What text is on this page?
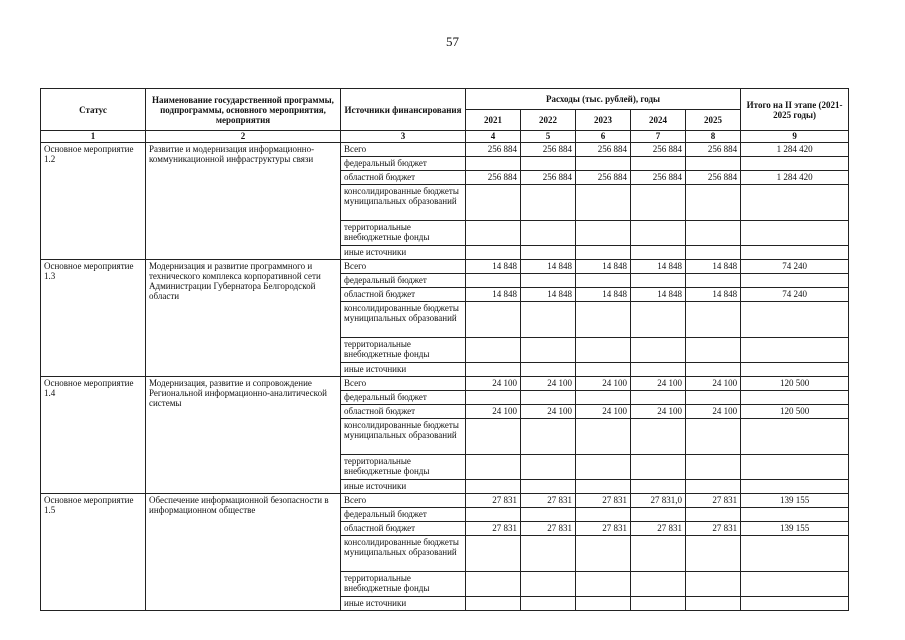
57
Статус	Наименование государственной программы, подпрограммы, основного мероприятия, мероприятия	Источники финансирования	Расходы (тыс. рублей), годы					Итого на II этапе (2021-2025 годы)
			2021	2022	2023	2024	2025	
1	2	3	4	5	6	7	8	9
Основное мероприятие 1.2	Развитие и модернизация информационно-коммуникационной инфраструктуры связи	Всего	256 884	256 884	256 884	256 884	256 884	1 284 420
		федеральный бюджет						
		областной бюджет	256 884	256 884	256 884	256 884	256 884	1 284 420
		консолидированные бюджеты муниципальных образований						
		территориальные внебюджетные фонды						
		иные источники						
Основное мероприятие 1.3	Модернизация и развитие программного и технического комплекса корпоративной сети Администрации Губернатора Белгородской области	Всего	14 848	14 848	14 848	14 848	14 848	74 240
		федеральный бюджет						
		областной бюджет	14 848	14 848	14 848	14 848	14 848	74 240
		консолидированные бюджеты муниципальных образований						
		территориальные внебюджетные фонды						
		иные источники						
Основное мероприятие 1.4	Модернизация, развитие и сопровождение Региональной информационно-аналитической системы	Всего	24 100	24 100	24 100	24 100	24 100	120 500
		федеральный бюджет						
		областной бюджет	24 100	24 100	24 100	24 100	24 100	120 500
		консолидированные бюджеты муниципальных образований						
		территориальные внебюджетные фонды						
		иные источники						
Основное мероприятие 1.5	Обеспечение информационной безопасности в информационном обществе	Всего	27 831	27 831	27 831	27 831,0	27 831	139 155
		федеральный бюджет						
		областной бюджет	27 831	27 831	27 831	27 831	27 831	139 155
		консолидированные бюджеты муниципальных образований						
		территориальные внебюджетные фонды						
		иные источники						
